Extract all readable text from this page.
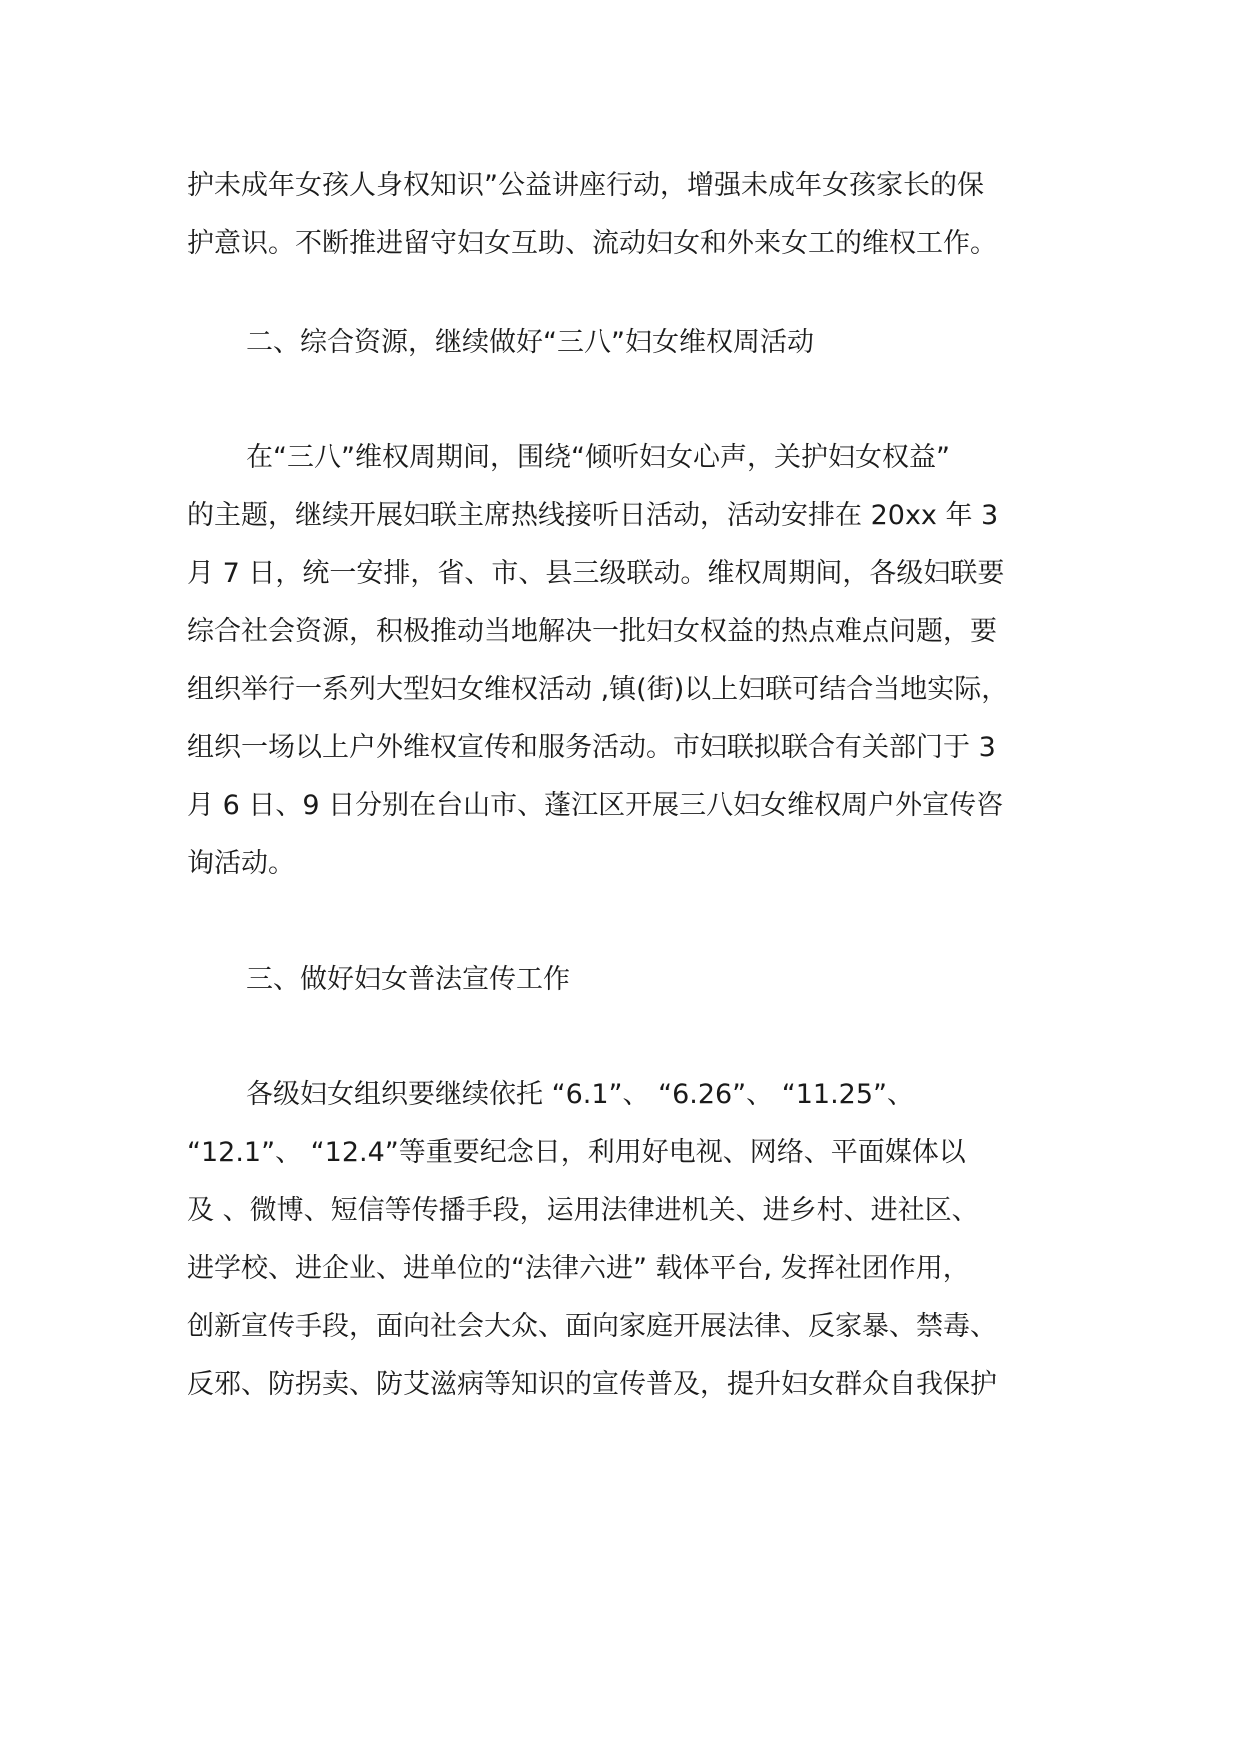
护未成年女孩人身权知识”公益讲座行动，增强未成年女孩家长的保
护意识。不断推进留守妇女互助、流动妇女和外来女工的维权工作。
二、综合资源，继续做好“三八”妇女维权周活动
在“三八”维权周期间，围绕“倾听妇女心声，关护妇女权益”
的主题，继续开展妇联主席热线接听日活动，活动安排在 20xx 年 3
月 7 日，统一安排，省、市、县三级联动。维权周期间，各级妇联要
综合社会资源，积极推动当地解决一批妇女权益的热点难点问题，要
组织举行一系列大型妇女维权活动 ,镇(街)以上妇联可结合当地实际，
组织一场以上户外维权宣传和服务活动。市妇联拟联合有关部门于 3
月 6 日、9 日分别在台山市、蓬江区开展三八妇女维权周户外宣传咨
询活动。
三、做好妇女普法宣传工作
各级妇女组织要继续依托 “6.1”、 “6.26”、 “11.25”、
“12.1”、 “12.4”等重要纪念日，利用好电视、网络、平面媒体以
及 、微博、短信等传播手段，运用法律进机关、进乡村、进社区、
进学校、进企业、进单位的“法律六进” 载体平台, 发挥社团作用，
创新宣传手段，面向社会大众、面向家庭开展法律、反家暴、禁毒、
反邪、防拐卖、防艾滋病等知识的宣传普及，提升妇女群众自我保护
